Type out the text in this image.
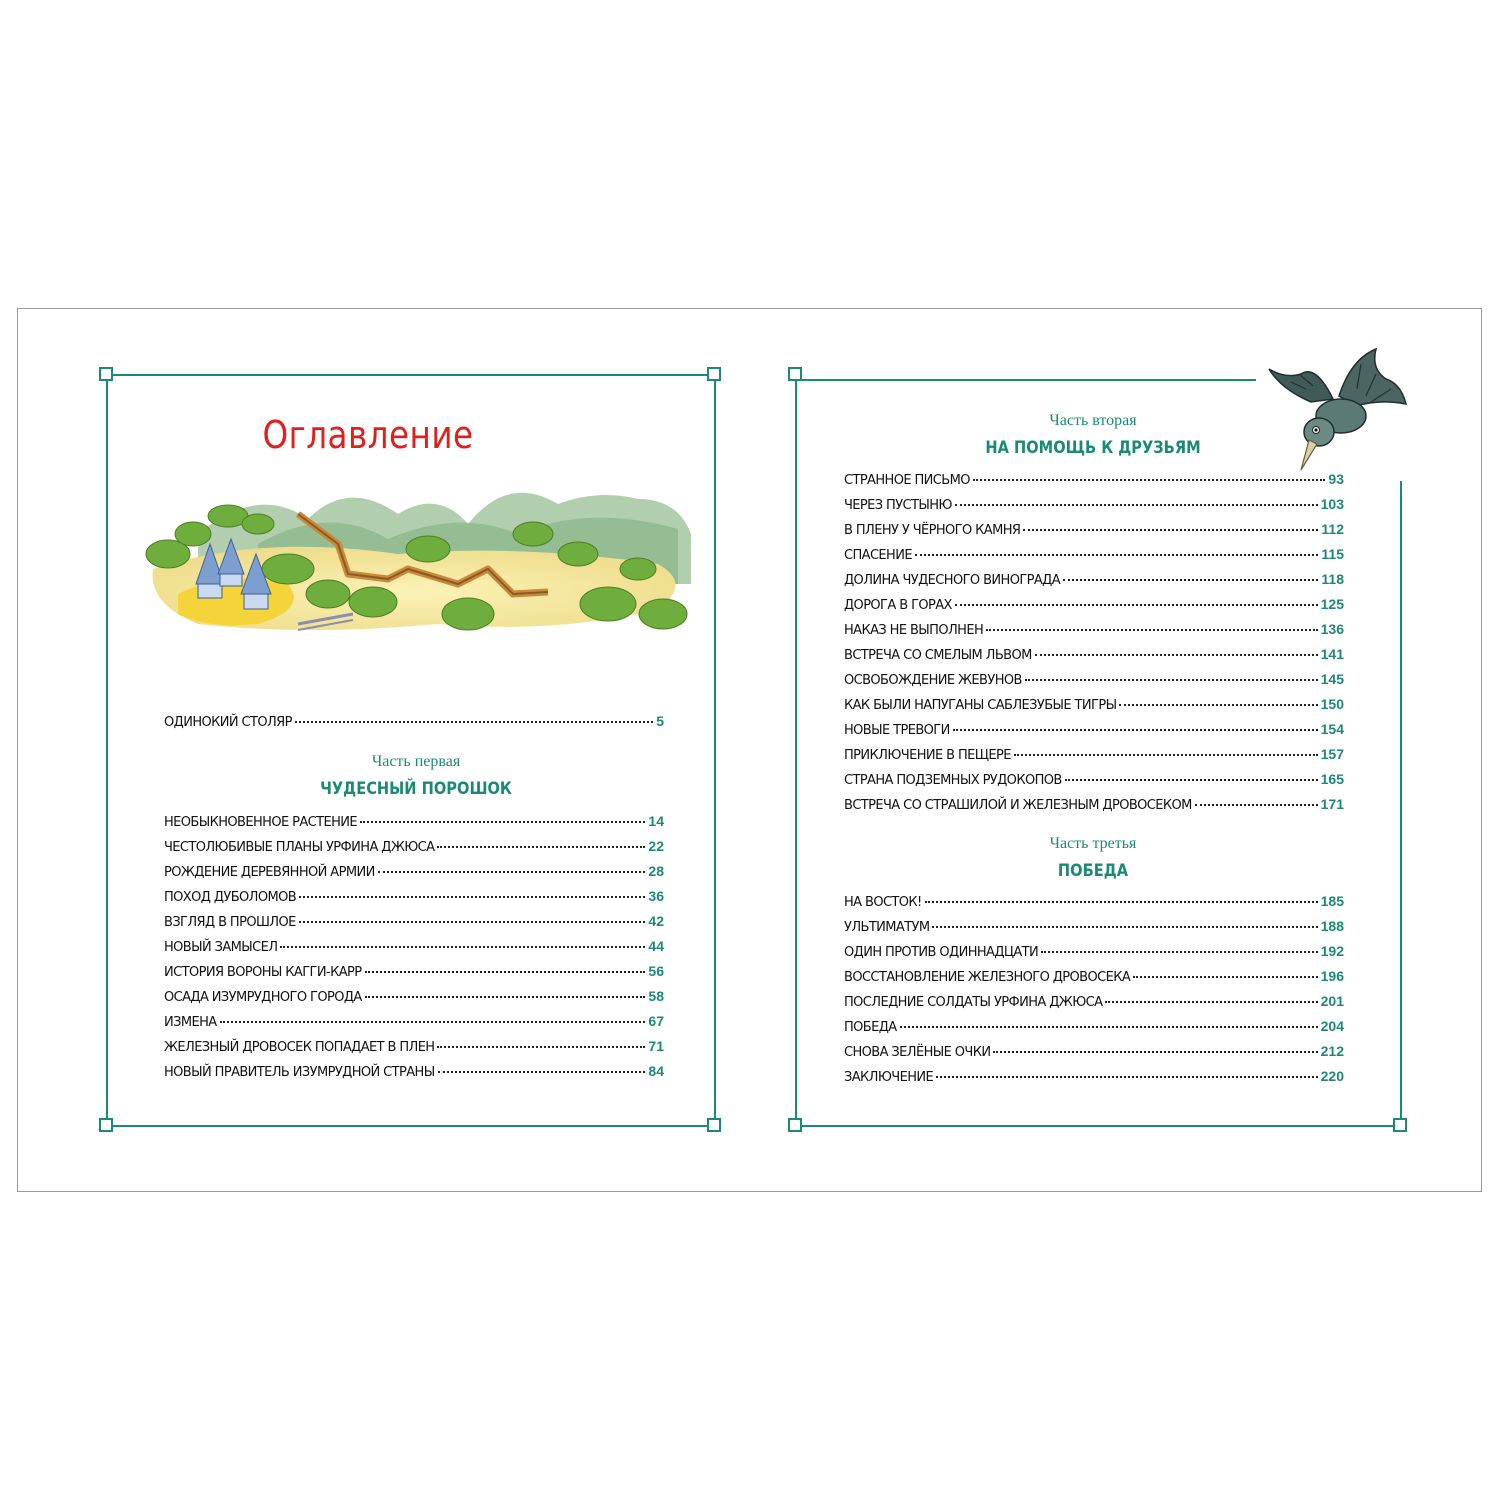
Оглавление
ОДИНОКИЙ СТОЛЯР	5
Часть первая
ЧУДЕСНЫЙ ПОРОШОК
НЕОБЫКНОВЕННОЕ РАСТЕНИЕ	14
ЧЕСТОЛЮБИВЫЕ ПЛАНЫ УРФИНА ДЖЮСА	22
РОЖДЕНИЕ ДЕРЕВЯННОЙ АРМИИ	28
ПОХОД ДУБОЛОМОВ	36
ВЗГЛЯД В ПРОШЛОЕ	42
НОВЫЙ ЗАМЫСЕЛ	44
ИСТОРИЯ ВОРОНЫ КАГГИ-КАРР	56
ОСАДА ИЗУМРУДНОГО ГОРОДА	58
ИЗМЕНА	67
ЖЕЛЕЗНЫЙ ДРОВОСЕК ПОПАДАЕТ В ПЛЕН	71
НОВЫЙ ПРАВИТЕЛЬ ИЗУМРУДНОЙ СТРАНЫ	84
Часть вторая
НА ПОМОЩЬ К ДРУЗЬЯМ
СТРАННОЕ ПИСЬМО	93
ЧЕРЕЗ ПУСТЫНЮ	103
В ПЛЕНУ У ЧЁРНОГО КАМНЯ	112
СПАСЕНИЕ	115
ДОЛИНА ЧУДЕСНОГО ВИНОГРАДА	118
ДОРОГА В ГОРАХ	125
НАКАЗ НЕ ВЫПОЛНЕН	136
ВСТРЕЧА СО СМЕЛЫМ ЛЬВОМ	141
ОСВОБОЖДЕНИЕ ЖЕВУНОВ	145
КАК БЫЛИ НАПУГАНЫ САБЛЕЗУБЫЕ ТИГРЫ	150
НОВЫЕ ТРЕВОГИ	154
ПРИКЛЮЧЕНИЕ В ПЕЩЕРЕ	157
СТРАНА ПОДЗЕМНЫХ РУДОКОПОВ	165
ВСТРЕЧА СО СТРАШИЛОЙ И ЖЕЛЕЗНЫМ ДРОВОСЕКОМ	171
Часть третья
ПОБЕДА
НА ВОСТОК!	185
УЛЬТИМАТУМ	188
ОДИН ПРОТИВ ОДИННАДЦАТИ	192
ВОССТАНОВЛЕНИЕ ЖЕЛЕЗНОГО ДРОВОСЕКА	196
ПОСЛЕДНИЕ СОЛДАТЫ УРФИНА ДЖЮСА	201
ПОБЕДА	204
СНОВА ЗЕЛЁНЫЕ ОЧКИ	212
ЗАКЛЮЧЕНИЕ	220
